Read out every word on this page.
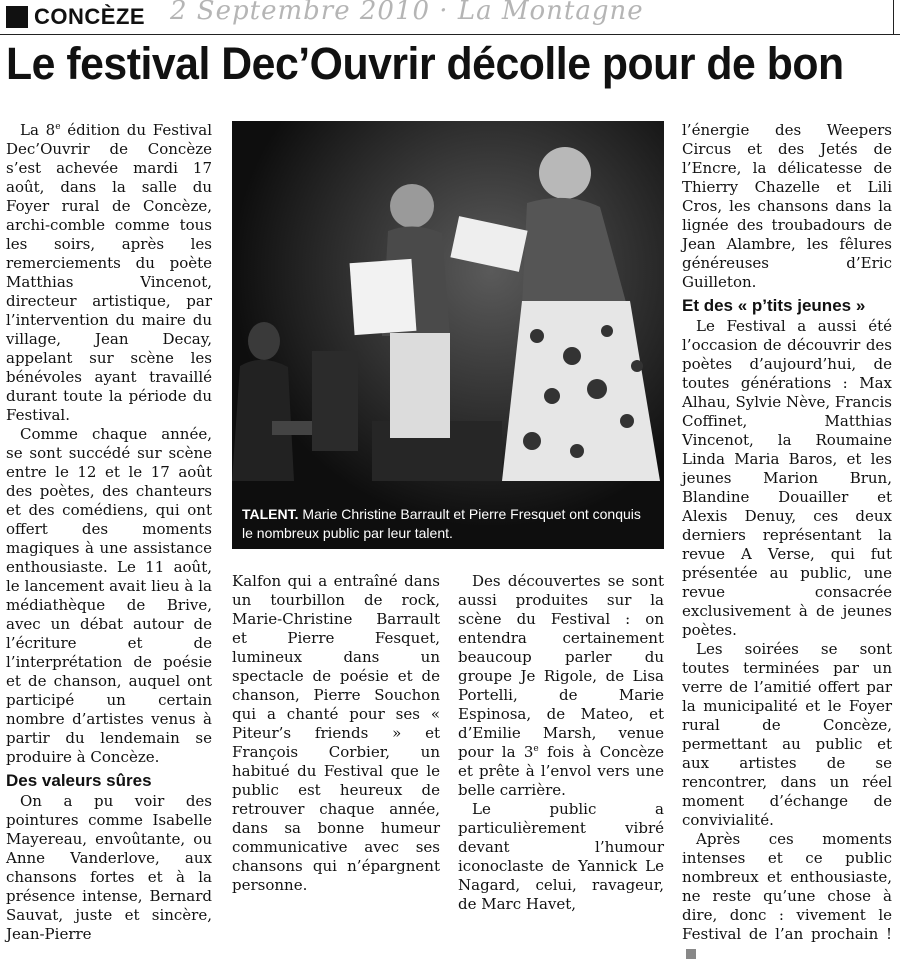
CONCÈZE 2 Septembre 2010 · La Montagne
Le festival Dec’Ouvrir décolle pour de bon

La 8e édition du Festival Dec’Ouvrir de Concèze s’est achevée mardi 17 août, dans la salle du Foyer rural de Concèze, archi-comble comme tous les soirs, après les remerciements du poète Matthias Vincenot, directeur artistique, par l’intervention du maire du village, Jean Decay, appelant sur scène les bénévoles ayant travaillé durant toute la période du Festival.

Comme chaque année, se sont succédé sur scène entre le 12 et le 17 août des poètes, des chanteurs et des comédiens, qui ont offert des moments magiques à une assistance enthousiaste. Le 11 août, le lancement avait lieu à la médiathèque de Brive, avec un débat autour de l’écriture et de l’interprétation de poésie et de chanson, auquel ont participé un certain nombre d’artistes venus à partir du lendemain se produire à Concèze.

Des valeurs sûres

On a pu voir des pointures comme Isabelle Mayereau, envoûtante, ou Anne Vanderlove, aux chansons fortes et à la présence intense, Bernard Sauvat, juste et sincère, Jean-Pierre

TALENT. Marie Christine Barrault et Pierre Fresquet ont conquis le nombreux public par leur talent.

Kalfon qui a entraîné dans un tourbillon de rock, Marie-Christine Barrault et Pierre Fesquet, lumineux dans un spectacle de poésie et de chanson, Pierre Souchon qui a chanté pour ses « Piteur’s friends » et François Corbier, un habitué du Festival que le public est heureux de retrouver chaque année, dans sa bonne humeur communicative avec ses chansons qui n’épargnent personne.

Des découvertes se sont aussi produites sur la scène du Festival : on entendra certainement beaucoup parler du groupe Je Rigole, de Lisa Portelli, de Marie Espinosa, de Mateo, et d’Emilie Marsh, venue pour la 3e fois à Concèze et prête à l’envol vers une belle carrière.

Le public a particulièrement vibré devant l’humour iconoclaste de Yannick Le Nagard, celui, ravageur, de Marc Havet,

l’énergie des Weepers Circus et des Jetés de l’Encre, la délicatesse de Thierry Chazelle et Lili Cros, les chansons dans la lignée des troubadours de Jean Alambre, les fêlures généreuses d’Eric Guilleton.

Et des « p’tits jeunes »

Le Festival a aussi été l’occasion de découvrir des poètes d’aujourd’hui, de toutes générations : Max Alhau, Sylvie Nève, Francis Coffinet, Matthias Vincenot, la Roumaine Linda Maria Baros, et les jeunes Marion Brun, Blandine Douailler et Alexis Denuy, ces deux derniers représentant la revue A Verse, qui fut présentée au public, une revue consacrée exclusivement à de jeunes poètes.

Les soirées se sont toutes terminées par un verre de l’amitié offert par la municipalité et le Foyer rural de Concèze, permettant au public et aux artistes de se rencontrer, dans un réel moment d’échange de convivialité.

Après ces moments intenses et ce public nombreux et enthousiaste, ne reste qu’une chose à dire, donc : vivement le Festival de l’an prochain !
